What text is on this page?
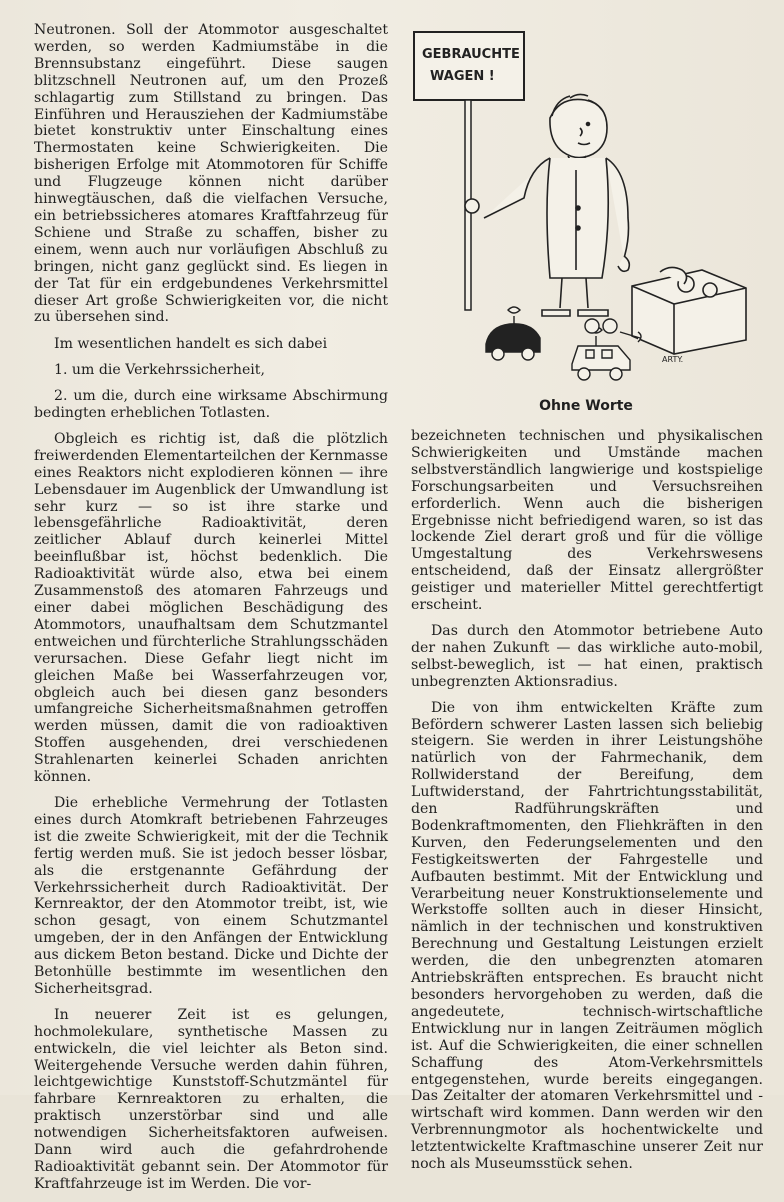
Neutronen. Soll der Atommotor ausgeschaltet werden, so werden Kadmiumstäbe in die Brennsubstanz eingeführt. Diese saugen blitzschnell Neutronen auf, um den Prozeß schlagartig zum Stillstand zu bringen. Das Einführen und Herausziehen der Kadmiumstäbe bietet konstruktiv unter Einschaltung eines Thermostaten keine Schwierigkeiten. Die bisherigen Erfolge mit Atommotoren für Schiffe und Flugzeuge können nicht darüber hinwegtäuschen, daß die vielfachen Versuche, ein betriebssicheres atomares Kraftfahrzeug für Schiene und Straße zu schaffen, bisher zu einem, wenn auch nur vorläufigen Abschluß zu bringen, nicht ganz geglückt sind. Es liegen in der Tat für ein erdgebundenes Verkehrsmittel dieser Art große Schwierigkeiten vor, die nicht zu übersehen sind.

Im wesentlichen handelt es sich dabei

1. um die Verkehrssicherheit,

2. um die, durch eine wirksame Abschirmung bedingten erheblichen Totlasten.

Obgleich es richtig ist, daß die plötzlich freiwerdenden Elementarteilchen der Kernmasse eines Reaktors nicht explodieren können — ihre Lebensdauer im Augenblick der Umwandlung ist sehr kurz — so ist ihre starke und lebensgefährliche Radioaktivität, deren zeitlicher Ablauf durch keinerlei Mittel beeinflußbar ist, höchst bedenklich. Die Radioaktivität würde also, etwa bei einem Zusammenstoß des atomaren Fahrzeugs und einer dabei möglichen Beschädigung des Atommotors, unaufhaltsam dem Schutzmantel entweichen und fürchterliche Strahlungsschäden verursachen. Diese Gefahr liegt nicht im gleichen Maße bei Wasserfahrzeugen vor, obgleich auch bei diesen ganz besonders umfangreiche Sicherheitsmaßnahmen getroffen werden müssen, damit die von radioaktiven Stoffen ausgehenden, drei verschiedenen Strahlenarten keinerlei Schaden anrichten können.

Die erhebliche Vermehrung der Totlasten eines durch Atomkraft betriebenen Fahrzeuges ist die zweite Schwierigkeit, mit der die Technik fertig werden muß. Sie ist jedoch besser lösbar, als die erstgenannte Gefährdung der Verkehrssicherheit durch Radioaktivität. Der Kernreaktor, der den Atommotor treibt, ist, wie schon gesagt, von einem Schutzmantel umgeben, der in den Anfängen der Entwicklung aus dickem Beton bestand. Dicke und Dichte der Betonhülle bestimmte im wesentlichen den Sicherheitsgrad.

In neuerer Zeit ist es gelungen, hochmolekulare, synthetische Massen zu entwickeln, die viel leichter als Beton sind. Weitergehende Versuche werden dahin führen, leichtgewichtige Kunststoff-Schutzmäntel für fahrbare Kernreaktoren zu erhalten, die praktisch unzerstörbar sind und alle notwendigen Sicherheitsfaktoren aufweisen. Dann wird auch die gefahrdrohende Radioaktivität gebannt sein. Der Atommotor für Kraftfahrzeuge ist im Werden. Die vor-

GEBRAUCHTE
WAGEN !
ARTY.
Ohne Worte

bezeichneten technischen und physikalischen Schwierigkeiten und Umstände machen selbstverständlich langwierige und kostspielige Forschungsarbeiten und Versuchsreihen erforderlich. Wenn auch die bisherigen Ergebnisse nicht befriedigend waren, so ist das lockende Ziel derart groß und für die völlige Umgestaltung des Verkehrswesens entscheidend, daß der Einsatz allergrößter geistiger und materieller Mittel gerechtfertigt erscheint.

Das durch den Atommotor betriebene Auto der nahen Zukunft — das wirkliche auto-mobil, selbst-beweglich, ist — hat einen, praktisch unbegrenzten Aktionsradius.

Die von ihm entwickelten Kräfte zum Befördern schwerer Lasten lassen sich beliebig steigern. Sie werden in ihrer Leistungshöhe natürlich von der Fahrmechanik, dem Rollwiderstand der Bereifung, dem Luftwiderstand, der Fahrtrichtungsstabilität, den Radführungskräften und Bodenkraftmomenten, den Fliehkräften in den Kurven, den Federungselementen und den Festigkeitswerten der Fahrgestelle und Aufbauten bestimmt. Mit der Entwicklung und Verarbeitung neuer Konstruktionselemente und Werkstoffe sollten auch in dieser Hinsicht, nämlich in der technischen und konstruktiven Berechnung und Gestaltung Leistungen erzielt werden, die den unbegrenzten atomaren Antriebskräften entsprechen. Es braucht nicht besonders hervorgehoben zu werden, daß die angedeutete, technisch-wirtschaftliche Entwicklung nur in langen Zeiträumen möglich ist. Auf die Schwierigkeiten, die einer schnellen Schaffung des Atom-Verkehrsmittels entgegenstehen, wurde bereits eingegangen. Das Zeitalter der atomaren Verkehrsmittel und -wirtschaft wird kommen. Dann werden wir den Verbrennungmotor als hochentwickelte und letztentwickelte Kraftmaschine unserer Zeit nur noch als Museumsstück sehen.
